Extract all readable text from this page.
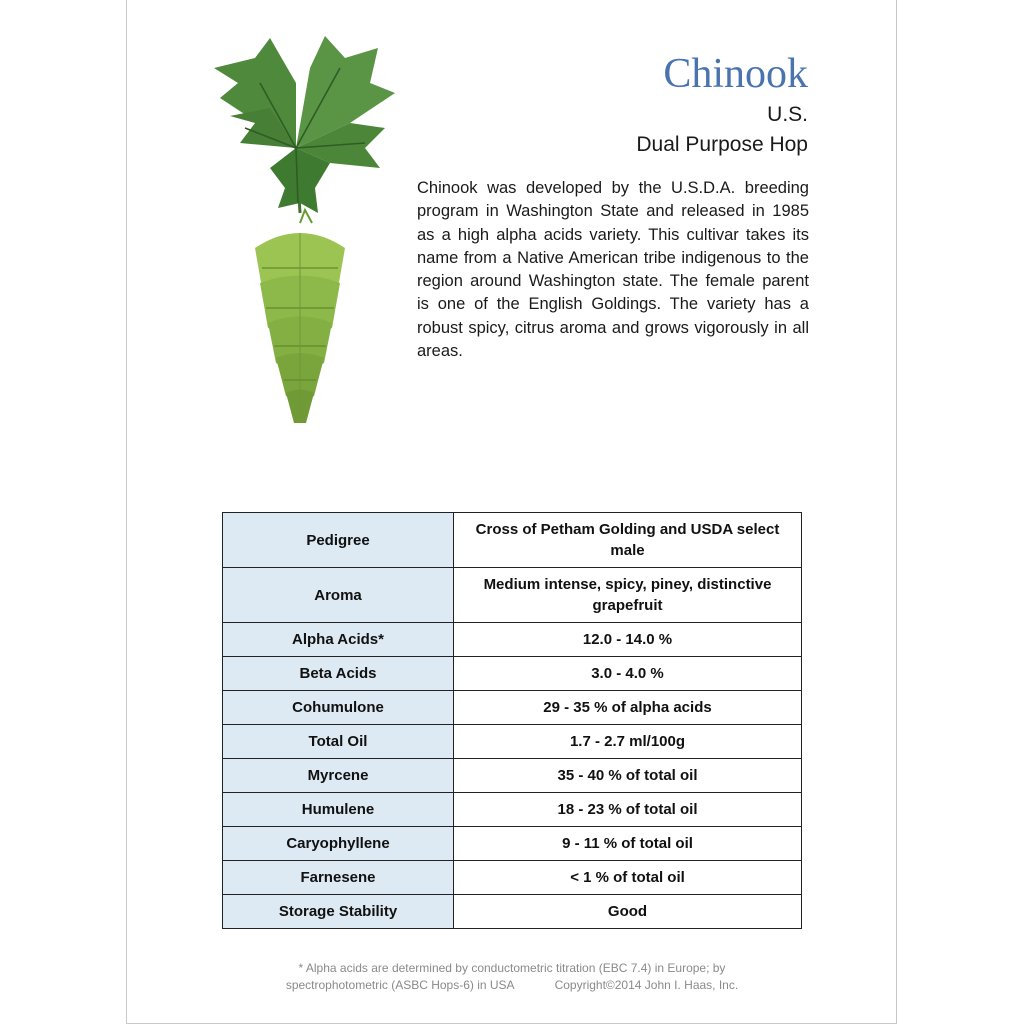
Chinook
U.S.
Dual Purpose Hop
Chinook was developed by the U.S.D.A. breeding program in Washington State and released in 1985 as a high alpha acids variety. This cultivar takes its name from a Native American tribe indigenous to the region around Washington state. The female parent is one of the English Goldings. The variety has a robust spicy, citrus aroma and grows vigorously in all areas.
Pedigree	Cross of Petham Golding and USDA select male
Aroma	Medium intense, spicy, piney, distinctive grapefruit
Alpha Acids*	12.0 - 14.0 %
Beta Acids	3.0 - 4.0 %
Cohumulone	29 - 35 % of alpha acids
Total Oil	1.7 - 2.7 ml/100g
Myrcene	35 - 40 % of total oil
Humulene	18 - 23 % of total oil
Caryophyllene	9 - 11 % of total oil
Farnesene	< 1 % of total oil
Storage Stability	Good
* Alpha acids are determined by conductometric titration (EBC 7.4) in Europe; by
spectrophotometric (ASBC Hops-6) in USA	Copyright©2014 John I. Haas, Inc.
